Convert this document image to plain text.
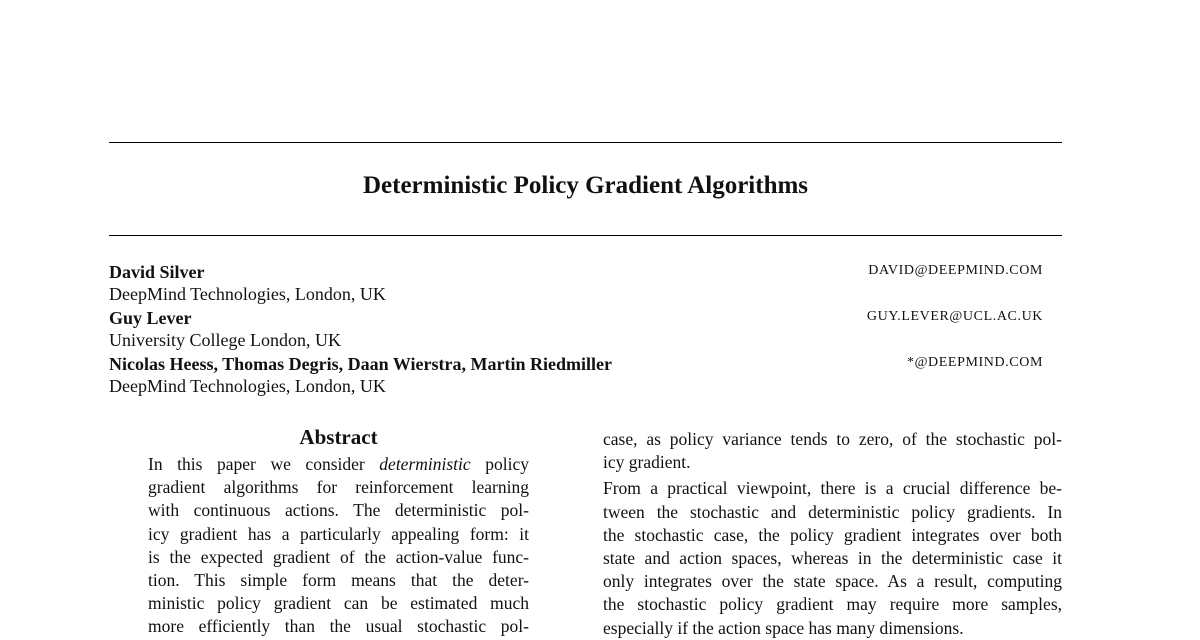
Deterministic Policy Gradient Algorithms
David Silver
DeepMind Technologies, London, UK
DAVID@DEEPMIND.COM
Guy Lever
University College London, UK
GUY.LEVER@UCL.AC.UK
Nicolas Heess, Thomas Degris, Daan Wierstra, Martin Riedmiller
DeepMind Technologies, London, UK
*@DEEPMIND.COM
Abstract
In this paper we consider deterministic policy
gradient algorithms for reinforcement learning
with continuous actions. The deterministic pol-
icy gradient has a particularly appealing form: it
is the expected gradient of the action-value func-
tion. This simple form means that the deter-
ministic policy gradient can be estimated much
more efficiently than the usual stochastic pol-
case, as policy variance tends to zero, of the stochastic pol-
icy gradient.
From a practical viewpoint, there is a crucial difference be-
tween the stochastic and deterministic policy gradients. In
the stochastic case, the policy gradient integrates over both
state and action spaces, whereas in the deterministic case it
only integrates over the state space. As a result, computing
the stochastic policy gradient may require more samples,
especially if the action space has many dimensions.
